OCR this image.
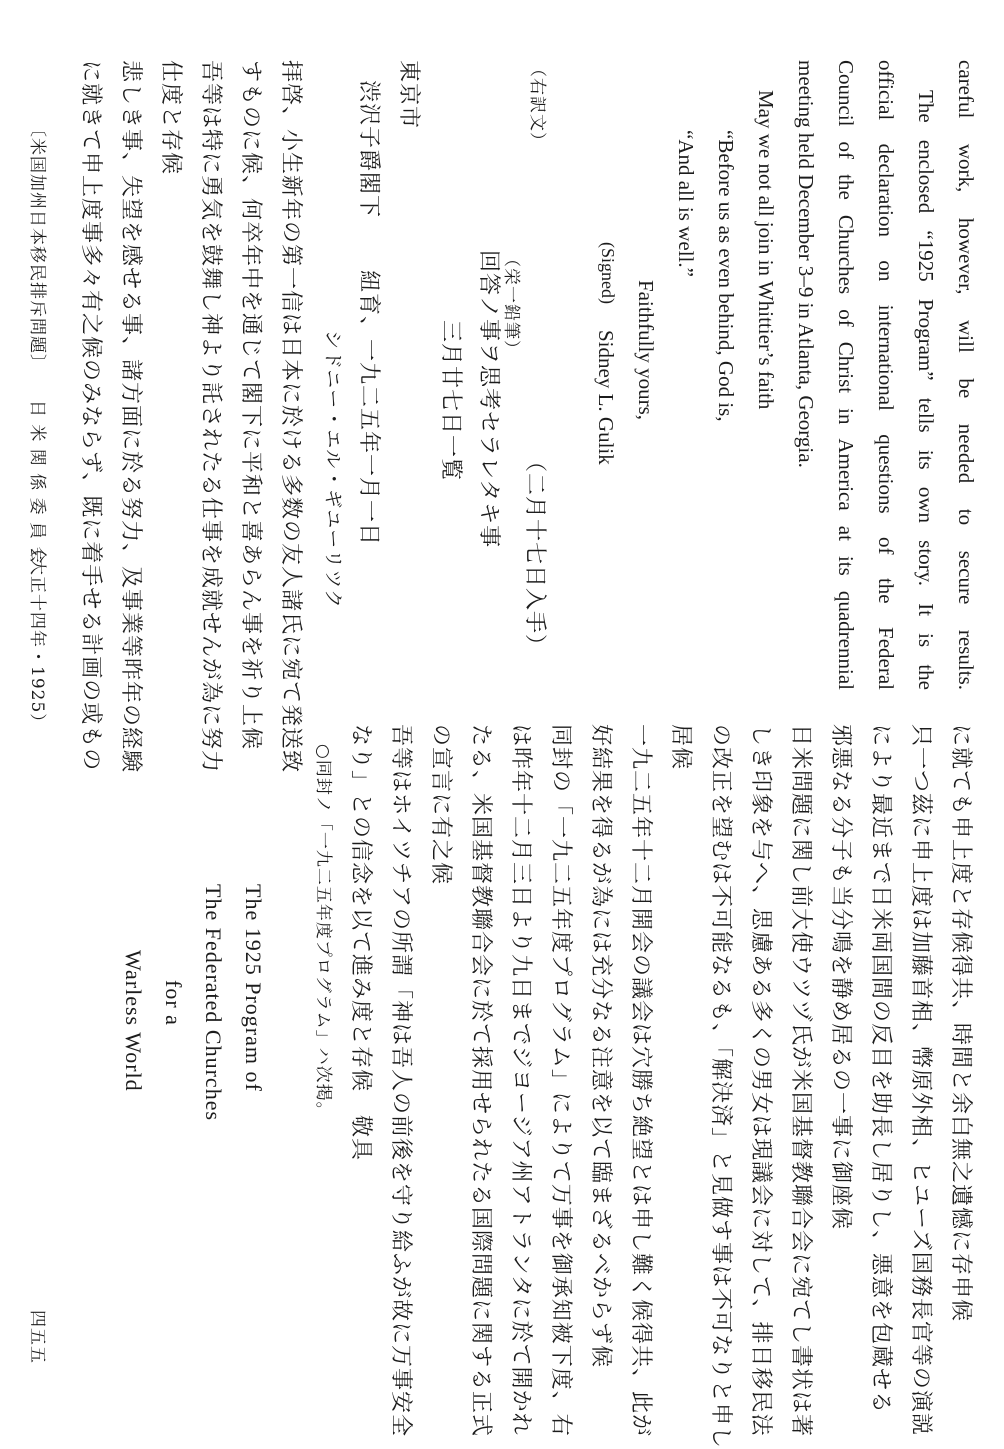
careful work, however, will be needed to secure results.
The enclosed “1925 Program” tells its own story. It is the
official declaration on international questions of the Federal
Council of the Churches of Christ in America at its quadrennial
meeting held December 3–9 in Atlanta, Georgia.
May we not all join in Whittier’s faith
“Before us as even behind, God is,
“And all is well.”
Faithfully yours,
(Signed)
Sidney L. Gulik
（右訳文）
（二月十七日入手）
（栄一鉛筆）
回答ノ事ヲ思考セラレタキ事
三月廿七日一覧
東京市
渋沢子爵閣下
紐育、一九二五年一月一日
シドニー・エル・ギユーリツク
拝啓、小生新年の第一信は日本に於ける多数の友人諸氏に宛て発送致
すものに候、何卒年中を通じて閣下に平和と喜あらん事を祈り上候
吾等は特に勇気を鼓舞し神より託されたる仕事を成就せんが為に努力
仕度と存候
悲しき事、失望を感せる事、諸方面に於る努力、及事業等昨年の経験
に就きて申上度事多々有之候のみならず、既に着手せる計画の或もの
〔米国加州日本移民排斥問題〕
日 米 関 係 委 員 会
（大正十四年・1925）
に就ても申上度と存候得共、時間と余白無之遺憾に存申候
只一つ茲に申上度は加藤首相、幣原外相、ヒユーズ国務長官等の演説
により最近まで日米両国間の反目を助長し居りし、悪意を包蔵せる
邪悪なる分子も当分鳴を静め居るの一事に御座候
日米問題に関し前大使ウツヅ氏が米国基督教聯合会に宛てし書状は著
しき印象を与へ、思慮ある多くの男女は現議会に対して、排日移民法
の改正を望むは不可能なるも、「解決済」と見做す事は不可なりと申し
居候
一九二五年十二月開会の議会は穴勝ち絶望とは申し難く候得共、此が
好結果を得るが為には充分なる注意を以て臨まざるべからず候
同封の「一九二五年度プログラム」によりて万事を御承知被下度、右
は昨年十二月三日より九日までジヨージア州アトランタに於て開かれ
たる、米国基督教聯合会に於て採用せられたる国際問題に関する正式
の宣言に有之候
吾等はホイツチアの所謂「神は吾人の前後を守り給ふが故に万事安全
なり」との信念を以て進み度と存候　敬具
○同封ノ「一九二五年度プログラム」ハ次掲。
The 1925 Program of
The Federated Churches
for a
Warless World
四五五
